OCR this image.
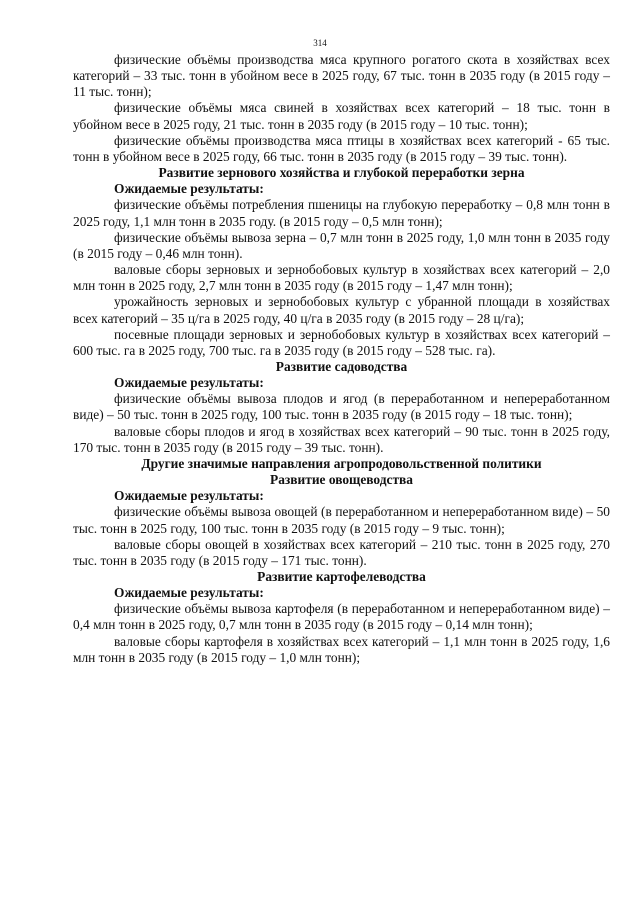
314

физические объёмы производства мяса крупного рогатого скота в хозяйствах всех категорий – 33 тыс. тонн в убойном весе в 2025 году, 67 тыс. тонн в 2035 году (в 2015 году – 11 тыс. тонн);

физические объёмы мяса свиней в хозяйствах всех категорий – 18 тыс. тонн в убойном весе в 2025 году, 21 тыс. тонн в 2035 году (в 2015 году – 10 тыс. тонн);

физические объёмы производства мяса птицы в хозяйствах всех категорий - 65 тыс. тонн в убойном весе в 2025 году, 66 тыс. тонн в 2035 году (в 2015 году – 39 тыс. тонн).

Развитие зернового хозяйства и глубокой переработки зерна
Ожидаемые результаты:

физические объёмы потребления пшеницы на глубокую переработку – 0,8 млн тонн в 2025 году, 1,1 млн тонн в 2035 году. (в 2015 году – 0,5 млн тонн);

физические объёмы вывоза зерна – 0,7 млн тонн в 2025 году, 1,0 млн тонн в 2035 году (в 2015 году – 0,46 млн тонн).

валовые сборы зерновых и зернобобовых культур в хозяйствах всех категорий – 2,0 млн тонн в 2025 году, 2,7 млн тонн в 2035 году (в 2015 году – 1,47 млн тонн);

урожайность зерновых и зернобобовых культур с убранной площади в хозяйствах всех категорий – 35 ц/га в 2025 году, 40 ц/га в 2035 году (в 2015 году – 28 ц/га);

посевные площади зерновых и зернобобовых культур в хозяйствах всех категорий – 600 тыс. га в 2025 году, 700 тыс. га в 2035 году (в 2015 году – 528 тыс. га).

Развитие садоводства
Ожидаемые результаты:

физические объёмы вывоза плодов и ягод (в переработанном и непереработанном виде) – 50 тыс. тонн в 2025 году, 100 тыс. тонн в 2035 году (в 2015 году – 18 тыс. тонн);

валовые сборы плодов и ягод в хозяйствах всех категорий – 90 тыс. тонн в 2025 году, 170 тыс. тонн в 2035 году (в 2015 году – 39 тыс. тонн).

Другие значимые направления агропродовольственной политики
Развитие овощеводства
Ожидаемые результаты:

физические объёмы вывоза овощей (в переработанном и непереработанном виде) – 50 тыс. тонн в 2025 году, 100 тыс. тонн в 2035 году (в 2015 году – 9 тыс. тонн);

валовые сборы овощей в хозяйствах всех категорий – 210 тыс. тонн в 2025 году, 270 тыс. тонн в 2035 году (в 2015 году – 171 тыс. тонн).

Развитие картофелеводства
Ожидаемые результаты:

физические объёмы вывоза картофеля (в переработанном и непереработанном виде) – 0,4 млн тонн в 2025 году, 0,7 млн тонн в 2035 году (в 2015 году – 0,14 млн тонн);

валовые сборы картофеля в хозяйствах всех категорий – 1,1 млн тонн в 2025 году, 1,6 млн тонн в 2035 году (в 2015 году – 1,0 млн тонн);
